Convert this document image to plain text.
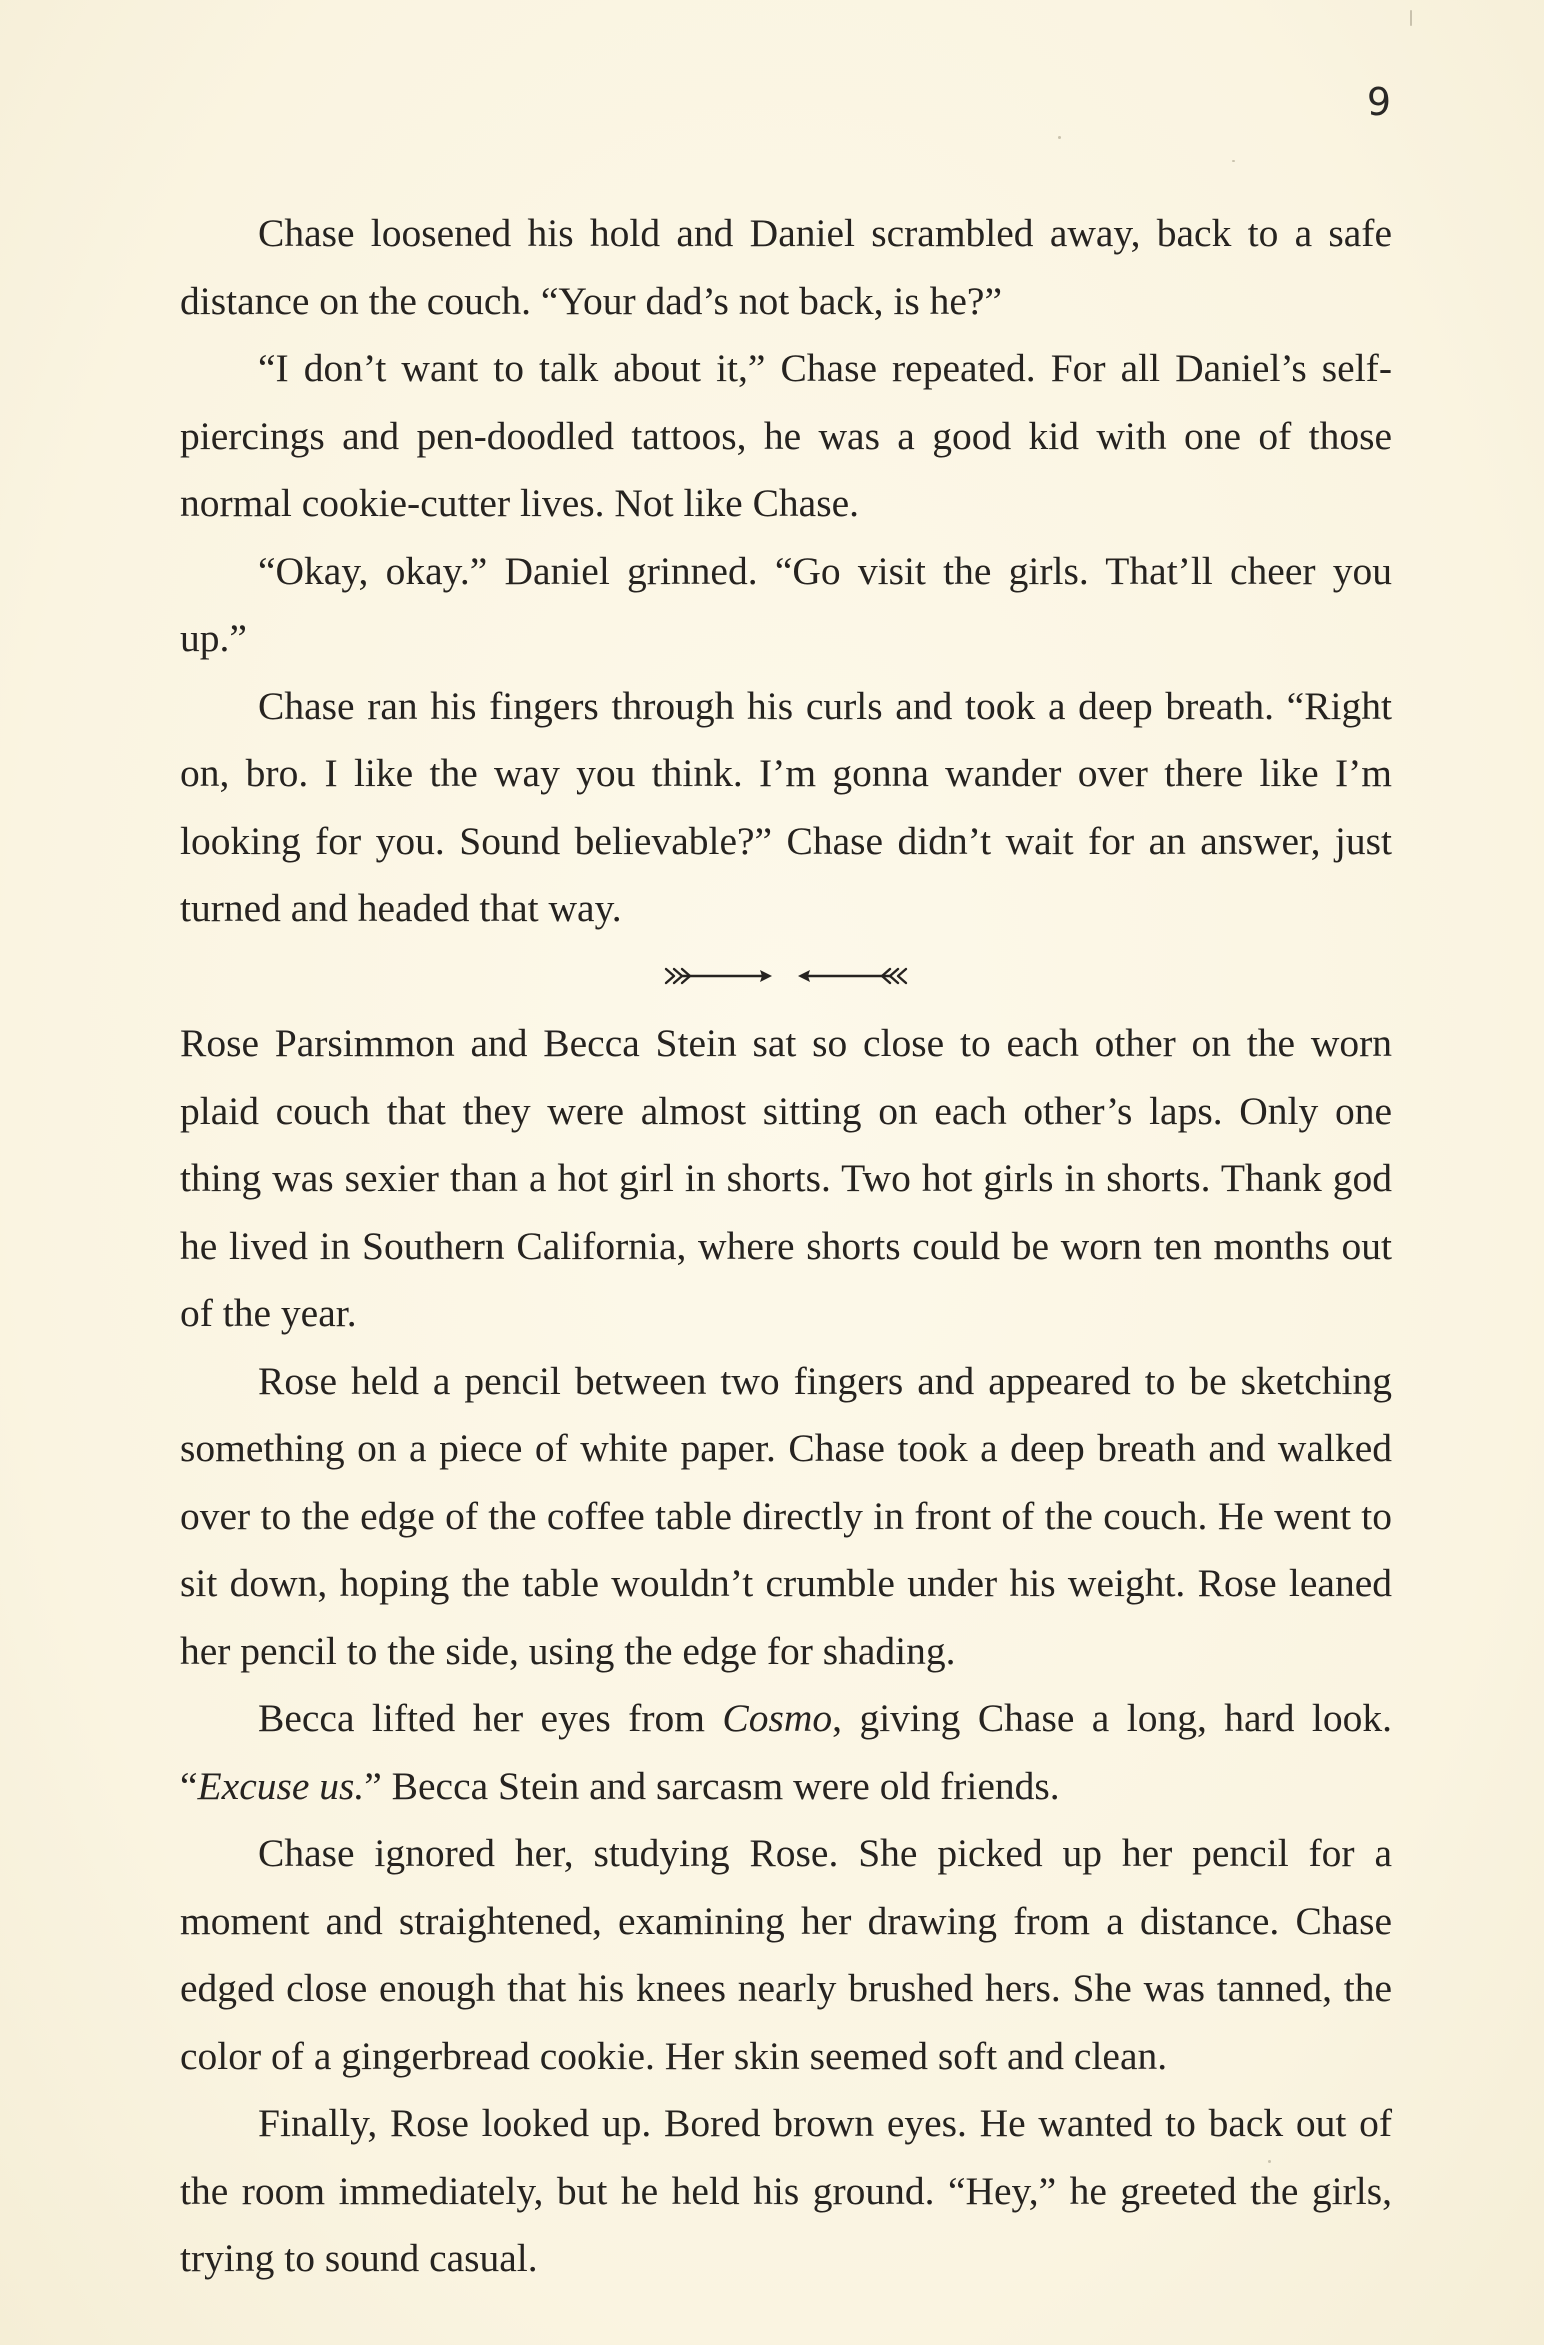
9

Chase loosened his hold and Daniel scrambled away, back to a safe distance on the couch. “Your dad’s not back, is he?”

“I don’t want to talk about it,” Chase repeated. For all Daniel’s self-piercings and pen-doodled tattoos, he was a good kid with one of those normal cookie-cutter lives. Not like Chase.

“Okay, okay.” Daniel grinned. “Go visit the girls. That’ll cheer you up.”

Chase ran his fingers through his curls and took a deep breath. “Right on, bro. I like the way you think. I’m gonna wander over there like I’m looking for you. Sound believable?” Chase didn’t wait for an answer, just turned and headed that way.

Rose Parsimmon and Becca Stein sat so close to each other on the worn plaid couch that they were almost sitting on each other’s laps. Only one thing was sexier than a hot girl in shorts. Two hot girls in shorts. Thank god he lived in Southern California, where shorts could be worn ten months out of the year.

Rose held a pencil between two fingers and appeared to be sketching something on a piece of white paper. Chase took a deep breath and walked over to the edge of the coffee table directly in front of the couch. He went to sit down, hoping the table wouldn’t crumble under his weight. Rose leaned her pencil to the side, using the edge for shading.

Becca lifted her eyes from Cosmo, giving Chase a long, hard look. “Excuse us.” Becca Stein and sarcasm were old friends.

Chase ignored her, studying Rose. She picked up her pencil for a moment and straightened, examining her drawing from a distance. Chase edged close enough that his knees nearly brushed hers. She was tanned, the color of a gingerbread cookie. Her skin seemed soft and clean.

Finally, Rose looked up. Bored brown eyes. He wanted to back out of the room immediately, but he held his ground. “Hey,” he greeted the girls, trying to sound casual.
